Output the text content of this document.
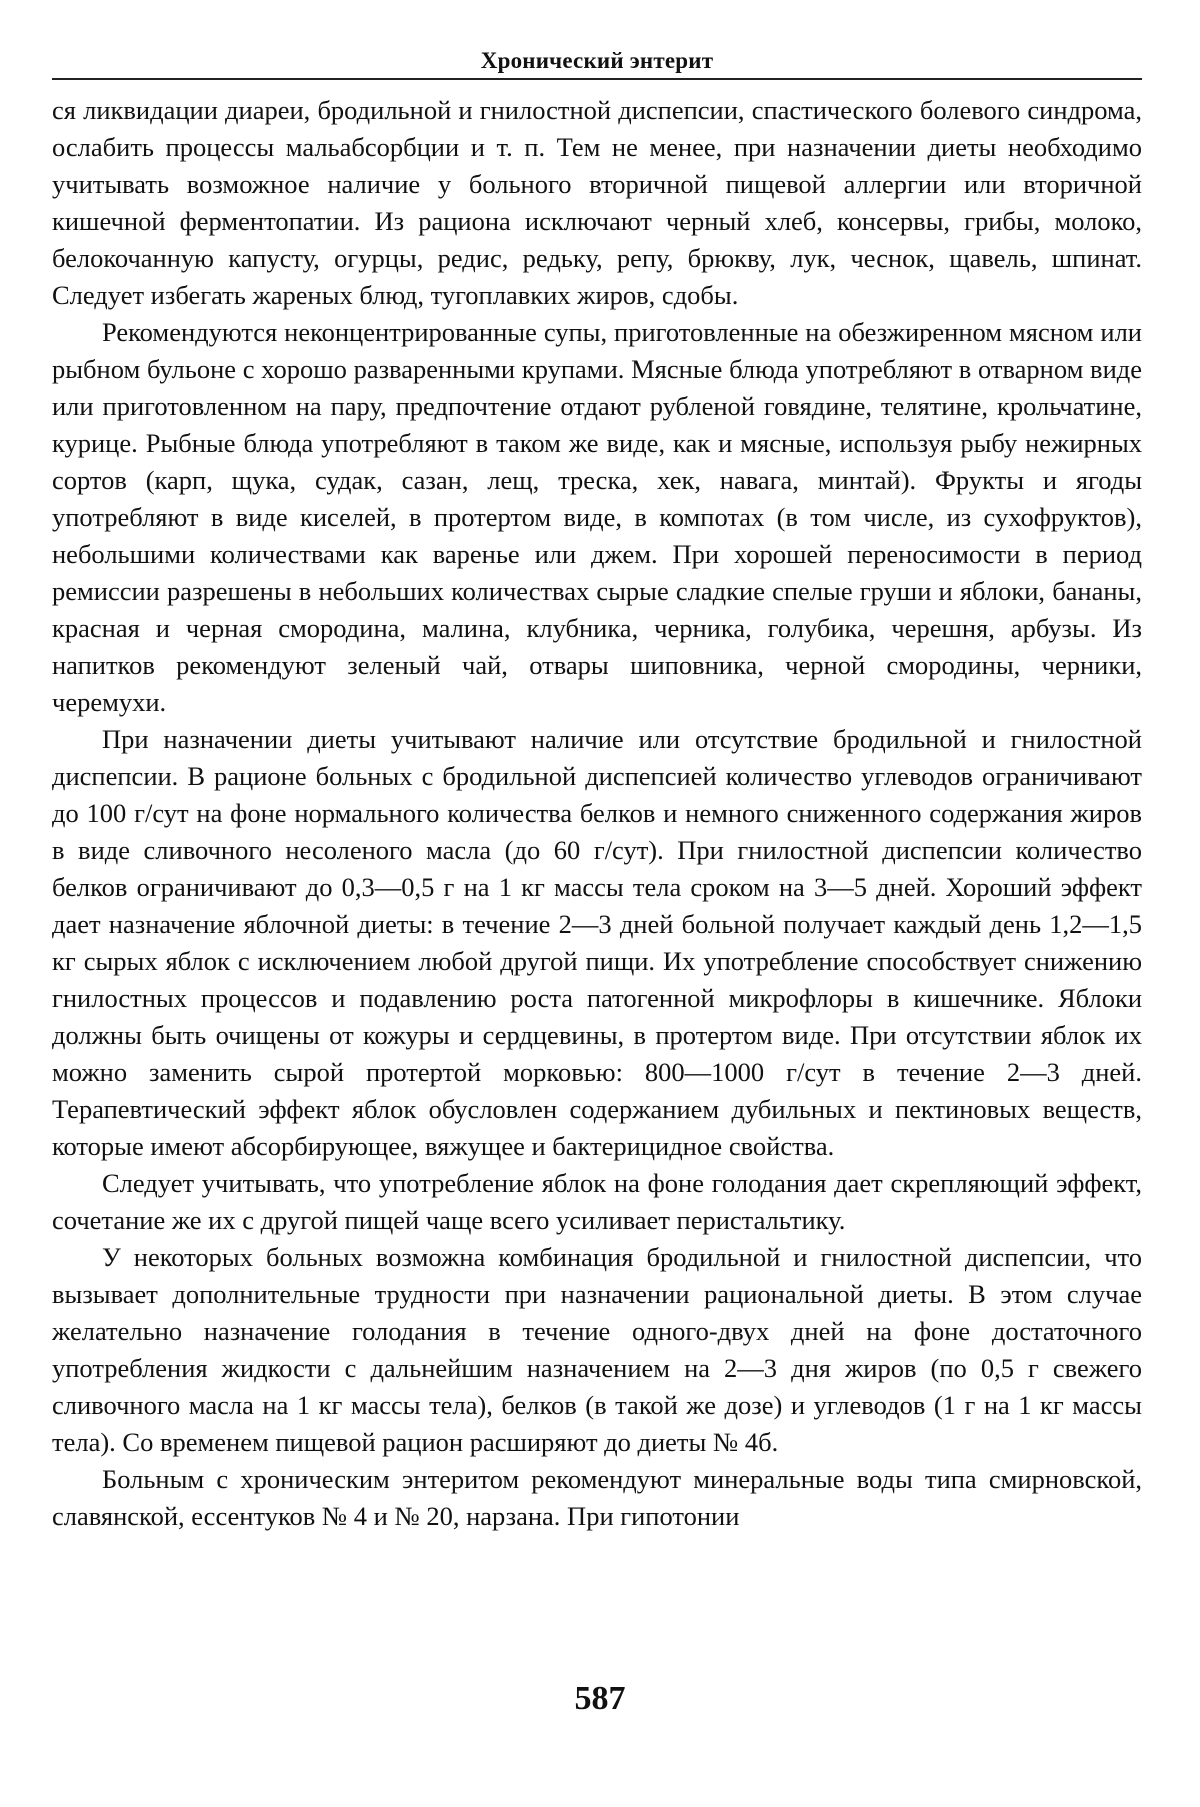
Хронический энтерит

ся ликвидации диареи, бродильной и гнилостной диспепсии, спастического болевого синдрома, ослабить процессы мальабсорбции и т. п. Тем не менее, при назначении диеты необходимо учитывать возможное наличие у больного вторичной пищевой аллергии или вторичной кишечной ферментопатии. Из рациона исключают черный хлеб, консервы, грибы, молоко, белокочанную капусту, огурцы, редис, редьку, репу, брюкву, лук, чеснок, щавель, шпинат. Следует избегать жареных блюд, тугоплавких жиров, сдобы.

Рекомендуются неконцентрированные супы, приготовленные на обезжиренном мясном или рыбном бульоне с хорошо разваренными крупами. Мясные блюда употребляют в отварном виде или приготовленном на пару, предпочтение отдают рубленой говядине, телятине, крольчатине, курице. Рыбные блюда употребляют в таком же виде, как и мясные, используя рыбу нежирных сортов (карп, щука, судак, сазан, лещ, треска, хек, навага, минтай). Фрукты и ягоды употребляют в виде киселей, в протертом виде, в компотах (в том числе, из сухофруктов), небольшими количествами как варенье или джем. При хорошей переносимости в период ремиссии разрешены в небольших количествах сырые сладкие спелые груши и яблоки, бананы, красная и черная смородина, малина, клубника, черника, голубика, черешня, арбузы. Из напитков рекомендуют зеленый чай, отвары шиповника, черной смородины, черники, черемухи.

При назначении диеты учитывают наличие или отсутствие бродильной и гнилостной диспепсии. В рационе больных с бродильной диспепсией количество углеводов ограничивают до 100 г/сут на фоне нормального количества белков и немного сниженного содержания жиров в виде сливочного несоленого масла (до 60 г/сут). При гнилостной диспепсии количество белков ограничивают до 0,3—0,5 г на 1 кг массы тела сроком на 3—5 дней. Хороший эффект дает назначение яблочной диеты: в течение 2—3 дней больной получает каждый день 1,2—1,5 кг сырых яблок с исключением любой другой пищи. Их употребление способствует снижению гнилостных процессов и подавлению роста патогенной микрофлоры в кишечнике. Яблоки должны быть очищены от кожуры и сердцевины, в протертом виде. При отсутствии яблок их можно заменить сырой протертой морковью: 800—1000 г/сут в течение 2—3 дней. Терапевтический эффект яблок обусловлен содержанием дубильных и пектиновых веществ, которые имеют абсорбирующее, вяжущее и бактерицидное свойства.

Следует учитывать, что употребление яблок на фоне голодания дает скрепляющий эффект, сочетание же их с другой пищей чаще всего усиливает перистальтику.

У некоторых больных возможна комбинация бродильной и гнилостной диспепсии, что вызывает дополнительные трудности при назначении рациональной диеты. В этом случае желательно назначение голодания в течение одного-двух дней на фоне достаточного употребления жидкости с дальнейшим назначением на 2—3 дня жиров (по 0,5 г свежего сливочного масла на 1 кг массы тела), белков (в такой же дозе) и углеводов (1 г на 1 кг массы тела). Со временем пищевой рацион расширяют до диеты № 4б.

Больным с хроническим энтеритом рекомендуют минеральные воды типа смирновской, славянской, ессентуков № 4 и № 20, нарзана. При гипотонии

587
